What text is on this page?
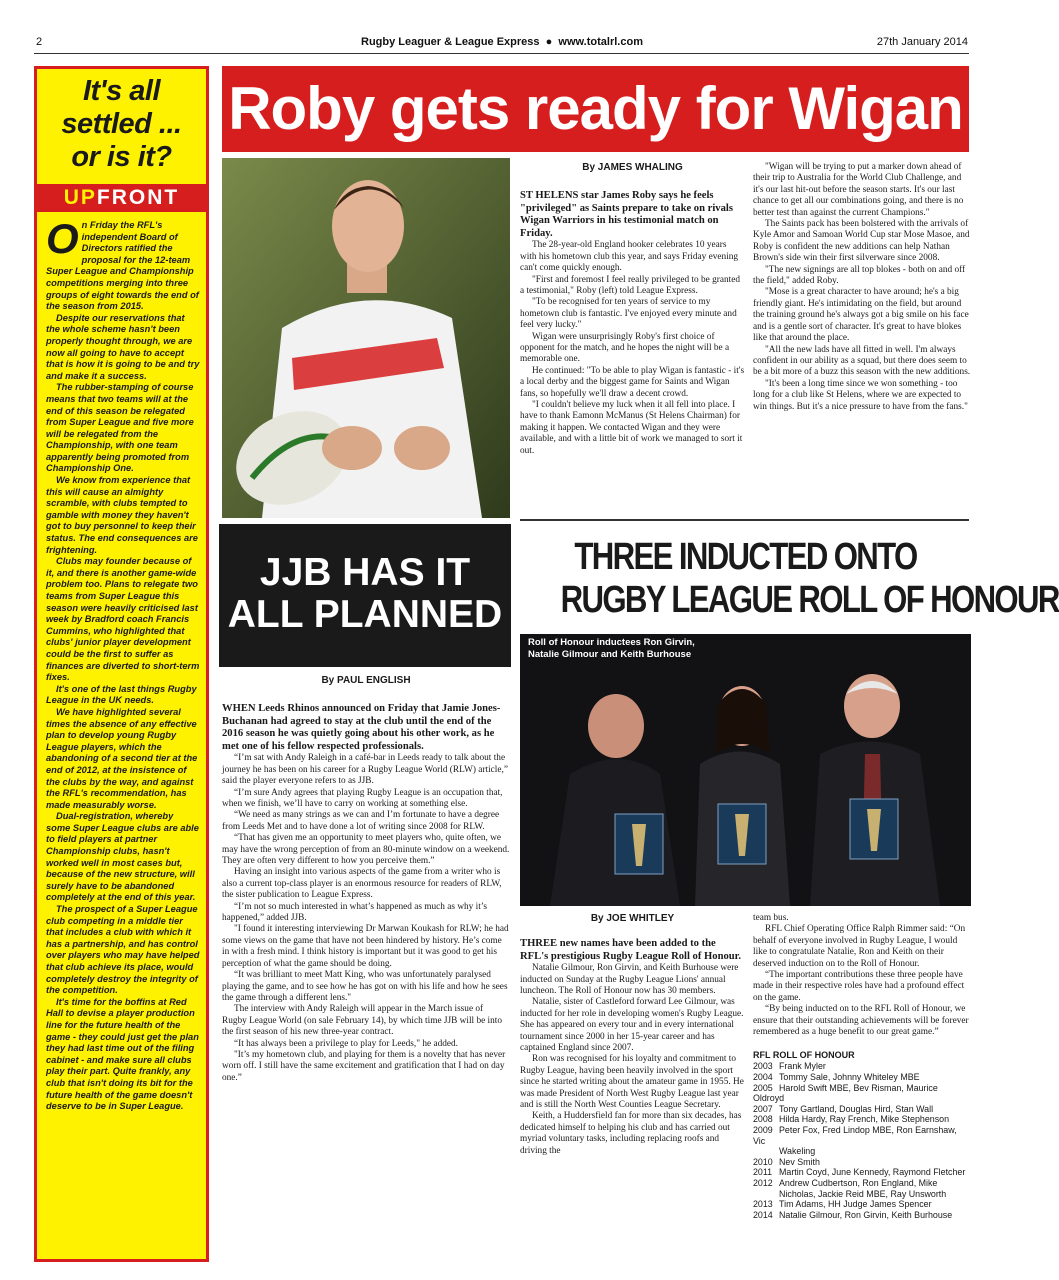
2	Rugby Leaguer & League Express ● www.totalrl.com	27th January 2014
It's all
settled ...
or is it?
UPFRONT

On Friday the RFL's independent Board of Directors ratified the proposal for the 12-team Super League and Championship competitions merging into three groups of eight towards the end of the season from 2015.

Despite our reservations that the whole scheme hasn't been properly thought through, we are now all going to have to accept that is how it is going to be and try and make it a success.

The rubber-stamping of course means that two teams will at the end of this season be relegated from Super League and five more will be relegated from the Championship, with one team apparently being promoted from Championship One.

We know from experience that this will cause an almighty scramble, with clubs tempted to gamble with money they haven't got to buy personnel to keep their status. The end consequences are frightening.

Clubs may founder because of it, and there is another game-wide problem too. Plans to relegate two teams from Super League this season were heavily criticised last week by Bradford coach Francis Cummins, who highlighted that clubs' junior player development could be the first to suffer as finances are diverted to short-term fixes.

It's one of the last things Rugby League in the UK needs.

We have highlighted several times the absence of any effective plan to develop young Rugby League players, which the abandoning of a second tier at the end of 2012, at the insistence of the clubs by the way, and against the RFL's recommendation, has made measurably worse.

Dual-registration, whereby some Super League clubs are able to field players at partner Championship clubs, hasn't worked well in most cases but, because of the new structure, will surely have to be abandoned completely at the end of this year.

The prospect of a Super League club competing in a middle tier that includes a club with which it has a partnership, and has control over players who may have helped that club achieve its place, would completely destroy the integrity of the competition.

It's time for the boffins at Red Hall to devise a player production line for the future health of the game - they could just get the plan they had last time out of the filing cabinet - and make sure all clubs play their part. Quite frankly, any club that isn't doing its bit for the future health of the game doesn't deserve to be in Super League.

Roby gets ready for Wigan
By JAMES WHALING

ST HELENS star James Roby says he feels "privileged" as Saints prepare to take on rivals Wigan Warriors in his testimonial match on Friday.

The 28-year-old England hooker celebrates 10 years with his hometown club this year, and says Friday evening can't come quickly enough.

"First and foremost I feel really privileged to be granted a testimonial," Roby (left) told League Express.

"To be recognised for ten years of service to my hometown club is fantastic. I've enjoyed every minute and feel very lucky."

Wigan were unsurprisingly Roby's first choice of opponent for the match, and he hopes the night will be a memorable one.

He continued: "To be able to play Wigan is fantastic - it's a local derby and the biggest game for Saints and Wigan fans, so hopefully we'll draw a decent crowd.

"I couldn't believe my luck when it all fell into place. I have to thank Eamonn McManus (St Helens Chairman) for making it happen. We contacted Wigan and they were available, and with a little bit of work we managed to sort it out.

"Wigan will be trying to put a marker down ahead of their trip to Australia for the World Club Challenge, and it's our last hit-out before the season starts. It's our last chance to get all our combinations going, and there is no better test than against the current Champions."

The Saints pack has been bolstered with the arrivals of Kyle Amor and Samoan World Cup star Mose Masoe, and Roby is confident the new additions can help Nathan Brown's side win their first silverware since 2008.

"The new signings are all top blokes - both on and off the field," added Roby.

"Mose is a great character to have around; he's a big friendly giant. He's intimidating on the field, but around the training ground he's always got a big smile on his face and is a gentle sort of character. It's great to have blokes like that around the place.

"All the new lads have all fitted in well. I'm always confident in our ability as a squad, but there does seem to be a bit more of a buzz this season with the new additions.

"It's been a long time since we won something - too long for a club like St Helens, where we are expected to win things. But it's a nice pressure to have from the fans."

JJB HAS IT
ALL PLANNED
By PAUL ENGLISH

WHEN Leeds Rhinos announced on Friday that Jamie Jones-Buchanan had agreed to stay at the club until the end of the 2016 season he was quietly going about his other work, as he met one of his fellow respected professionals.

“I’m sat with Andy Raleigh in a café-bar in Leeds ready to talk about the journey he has been on his career for a Rugby League World (RLW) article,” said the player everyone refers to as JJB.

“I’m sure Andy agrees that playing Rugby League is an occupation that, when we finish, we’ll have to carry on working at something else.

“We need as many strings as we can and I’m fortunate to have a degree from Leeds Met and to have done a lot of writing since 2008 for RLW.

“That has given me an opportunity to meet players who, quite often, we may have the wrong perception of from an 80-minute window on a weekend. They are often very different to how you perceive them.”

Having an insight into various aspects of the game from a writer who is also a current top-class player is an enormous resource for readers of RLW, the sister publication to League Express.

“I’m not so much interested in what’s happened as much as why it’s happened,” added JJB.

"I found it interesting interviewing Dr Marwan Koukash for RLW; he had some views on the game that have not been hindered by history. He’s come in with a fresh mind. I think history is important but it was good to get his perception of what the game should be doing.

“It was brilliant to meet Matt King, who was unfortunately paralysed playing the game, and to see how he has got on with his life and how he sees the game through a different lens."

The interview with Andy Raleigh will appear in the March issue of Rugby League World (on sale February 14), by which time JJB will be into the first season of his new three-year contract.

“It has always been a privilege to play for Leeds," he added.

"It’s my hometown club, and playing for them is a novelty that has never worn off. I still have the same excitement and gratification that I had on day one.”

THREE INDUCTED ONTO
RUGBY LEAGUE ROLL OF HONOUR
Roll of Honour inductees Ron Girvin,
Natalie Gilmour and Keith Burhouse
By JOE WHITLEY

THREE new names have been added to the RFL's prestigious Rugby League Roll of Honour.

Natalie Gilmour, Ron Girvin, and Keith Burhouse were inducted on Sunday at the Rugby League Lions' annual luncheon. The Roll of Honour now has 30 members.

Natalie, sister of Castleford forward Lee Gilmour, was inducted for her role in developing women's Rugby League. She has appeared on every tour and in every international tournament since 2000 in her 15-year career and has captained England since 2007.

Ron was recognised for his loyalty and commitment to Rugby League, having been heavily involved in the sport since he started writing about the amateur game in 1955. He was made President of North West Rugby League last year and is still the North West Counties League Secretary.

Keith, a Huddersfield fan for more than six decades, has dedicated himself to helping his club and has carried out myriad voluntary tasks, including replacing roofs and driving the

team bus.

RFL Chief Operating Office Ralph Rimmer said: “On behalf of everyone involved in Rugby League, I would like to congratulate Natalie, Ron and Keith on their deserved induction on to the Roll of Honour.

“The important contributions these three people have made in their respective roles have had a profound effect on the game.

“By being inducted on to the RFL Roll of Honour, we ensure that their outstanding achievements will be forever remembered as a huge benefit to our great game.”

RFL ROLL OF HONOUR
2003 Frank Myler
2004 Tommy Sale, Johnny Whiteley MBE
2005 Harold Swift MBE, Bev Risman, Maurice Oldroyd
2007 Tony Gartland, Douglas Hird, Stan Wall
2008 Hilda Hardy, Ray French, Mike Stephenson
2009 Peter Fox, Fred Lindop MBE, Ron Earnshaw, Vic
Wakeling
2010 Nev Smith
2011 Martin Coyd, June Kennedy, Raymond Fletcher
2012 Andrew Cudbertson, Ron England, Mike
Nicholas, Jackie Reid MBE, Ray Unsworth
2013 Tim Adams, HH Judge James Spencer
2014 Natalie Gilmour, Ron Girvin, Keith Burhouse
